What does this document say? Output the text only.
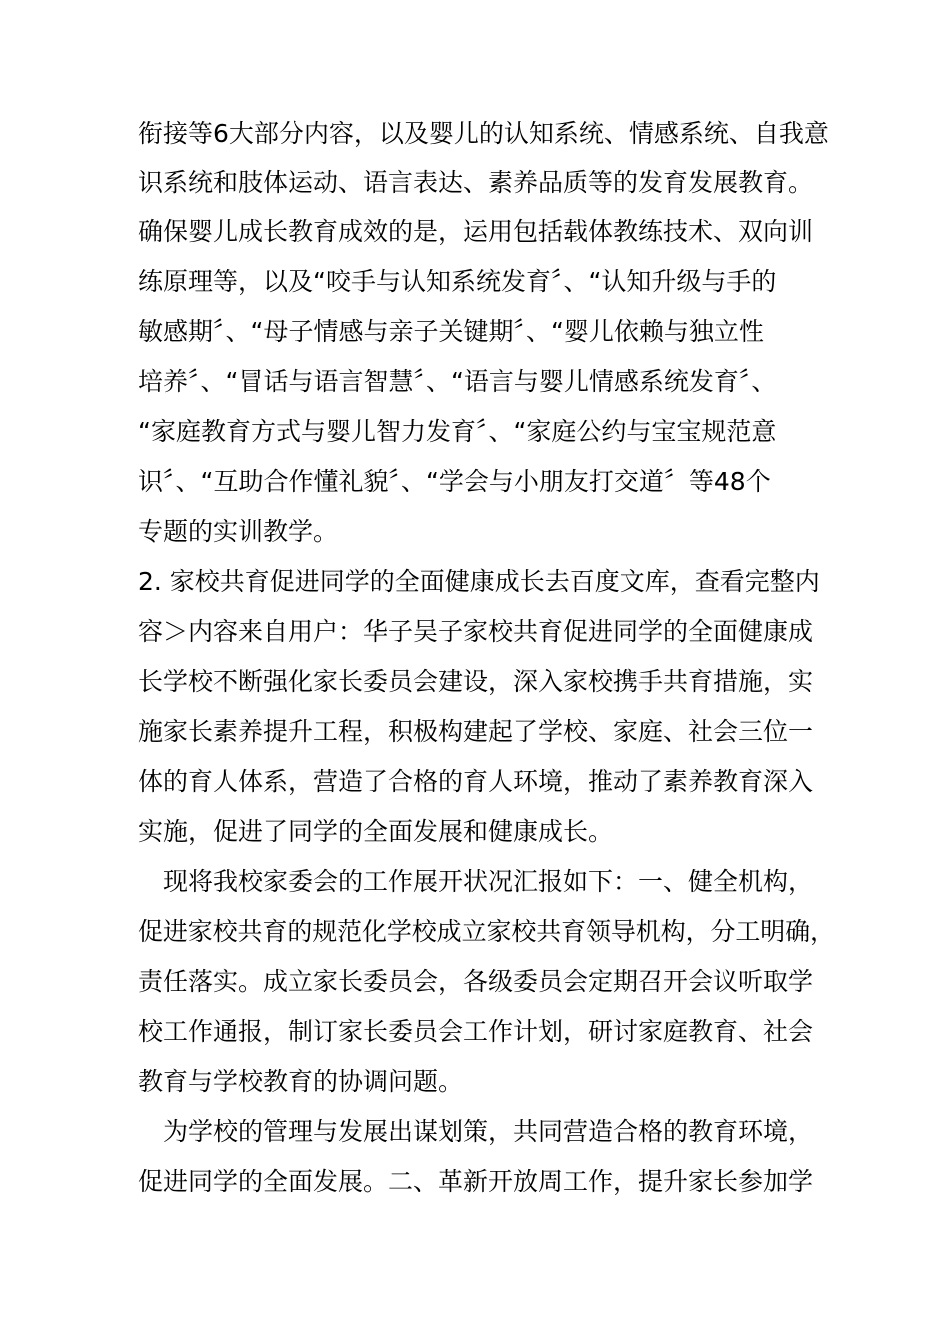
衔接等6大部分内容，以及婴儿的认知系统、情感系统、自我意
识系统和肢体运动、语言表达、素养品质等的发育发展教育。
确保婴儿成长教育成效的是，运用包括载体教练技术、双向训
练原理等，以及“咬手与认知系统发育〞、“认知升级与手的
敏感期〞、“母子情感与亲子关键期〞、“婴儿依赖与独立性
培养〞、“冒话与语言智慧〞、“语言与婴儿情感系统发育〞、
“家庭教育方式与婴儿智力发育〞、“家庭公约与宝宝规范意
识〞、“互助合作懂礼貌〞、“学会与小朋友打交道〞等48个
专题的实训教学。
2. 家校共育促进同学的全面健康成长去百度文库，查看完整内
容＞内容来自用户：华子吴子家校共育促进同学的全面健康成
长学校不断强化家长委员会建设，深入家校携手共育措施，实
施家长素养提升工程，积极构建起了学校、家庭、社会三位一
体的育人体系，营造了合格的育人环境，推动了素养教育深入
实施，促进了同学的全面发展和健康成长。
现将我校家委会的工作展开状况汇报如下：一、健全机构，
促进家校共育的规范化学校成立家校共育领导机构，分工明确，
责任落实。成立家长委员会，各级委员会定期召开会议听取学
校工作通报，制订家长委员会工作计划，研讨家庭教育、社会
教育与学校教育的协调问题。
为学校的管理与发展出谋划策，共同营造合格的教育环境，
促进同学的全面发展。二、革新开放周工作，提升家长参加学
